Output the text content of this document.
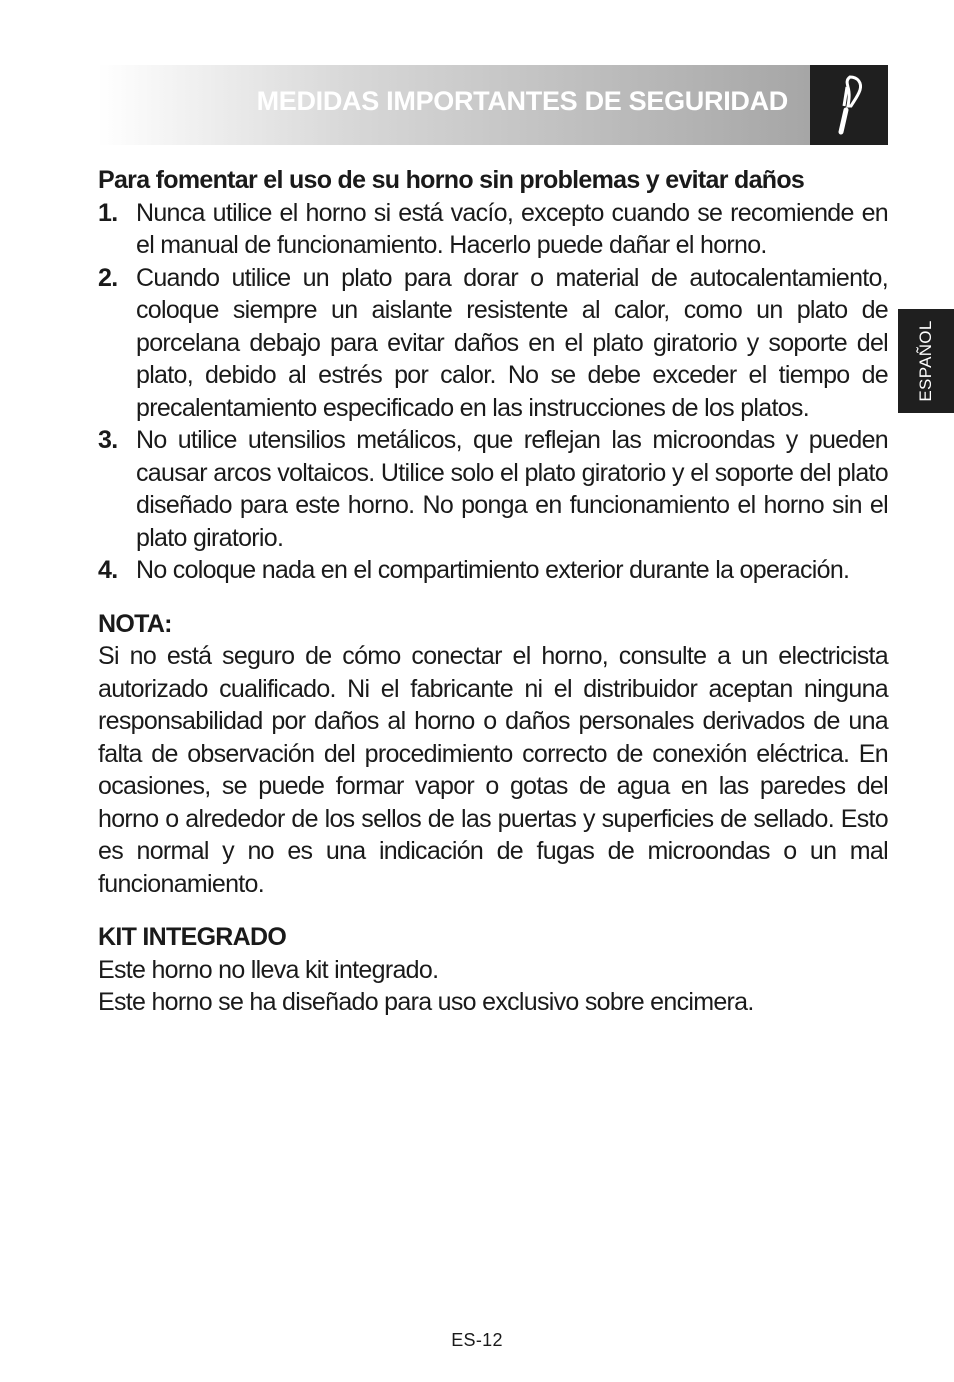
MEDIDAS IMPORTANTES DE SEGURIDAD
ESPAÑOL

Para fomentar el uso de su horno sin problemas y evitar daños

1. Nunca utilice el horno si está vacío, excepto cuando se recomiende en el manual de funcionamiento. Hacerlo puede dañar el horno.
2. Cuando utilice un plato para dorar o material de autocalentamiento, coloque siempre un aislante resistente al calor, como un plato de porcelana debajo para evitar daños en el plato giratorio y soporte del plato, debido al estrés por calor. No se debe exceder el tiempo de precalentamiento especificado en las instrucciones de los platos.
3. No utilice utensilios metálicos, que reflejan las microondas y pueden causar arcos voltaicos. Utilice solo el plato giratorio y el soporte del plato diseñado para este horno. No ponga en funcionamiento el horno sin el plato giratorio.
4. No coloque nada en el compartimiento exterior durante la operación.

NOTA:

Si no está seguro de cómo conectar el horno, consulte a un electricista autorizado cualificado. Ni el fabricante ni el distribuidor aceptan ninguna responsabilidad por daños al horno o daños personales derivados de una falta de observación del procedimiento correcto de conexión eléctrica. En ocasiones, se puede formar vapor o gotas de agua en las paredes del horno o alrededor de los sellos de las puertas y superficies de sellado. Esto es normal y no es una indicación de fugas de microondas o un mal funcionamiento.

KIT INTEGRADO

Este horno no lleva kit integrado.

Este horno se ha diseñado para uso exclusivo sobre encimera.

ES-12
